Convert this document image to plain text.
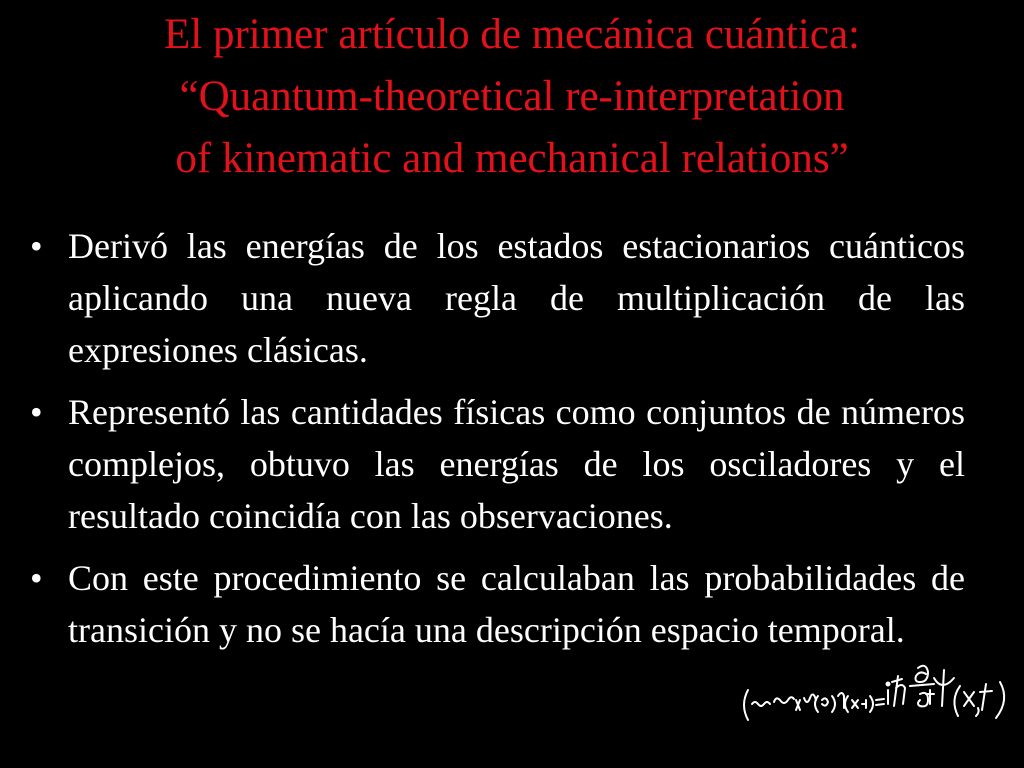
El primer artículo de mecánica cuántica:
“Quantum-theoretical re-interpretation
of kinematic and mechanical relations”
• Derivó las energías de los estados estacionarios cuánticos aplicando una nueva regla de multiplicación de las expresiones clásicas.
• Representó las cantidades físicas como conjuntos de números complejos, obtuvo las energías de los osciladores y el resultado coincidía con las observaciones.
• Con este procedimiento se calculaban las probabilidades de transición y no se hacía una descripción espacio temporal.
